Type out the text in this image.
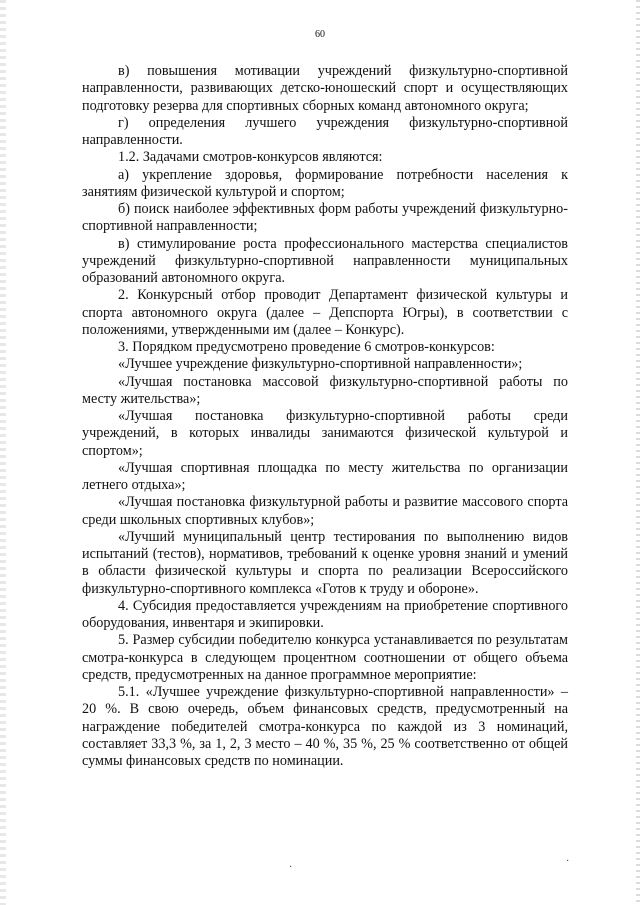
60

в) повышения мотивации учреждений физкультурно-спортивной направленности, развивающих детско-юношеский спорт и осуществляющих подготовку резерва для спортивных сборных команд автономного округа;

г) определения лучшего учреждения физкультурно-спортивной направленности.

1.2. Задачами смотров-конкурсов являются:

а) укрепление здоровья, формирование потребности населения к занятиям физической культурой и спортом;

б) поиск наиболее эффективных форм работы учреждений физкультурно-спортивной направленности;

в) стимулирование роста профессионального мастерства специалистов учреждений физкультурно-спортивной направленности муниципальных образований автономного округа.

2. Конкурсный отбор проводит Департамент физической культуры и спорта автономного округа (далее – Депспорта Югры), в соответствии с положениями, утвержденными им (далее – Конкурс).

3. Порядком предусмотрено проведение 6 смотров-конкурсов:

«Лучшее учреждение физкультурно-спортивной направленности»;

«Лучшая постановка массовой физкультурно-спортивной работы по месту жительства»;

«Лучшая постановка физкультурно-спортивной работы среди учреждений, в которых инвалиды занимаются физической культурой и спортом»;

«Лучшая спортивная площадка по месту жительства по организации летнего отдыха»;

«Лучшая постановка физкультурной работы и развитие массового спорта среди школьных спортивных клубов»;

«Лучший муниципальный центр тестирования по выполнению видов испытаний (тестов), нормативов, требований к оценке уровня знаний и умений в области физической культуры и спорта по реализации Всероссийского физкультурно-спортивного комплекса «Готов к труду и обороне».

4. Субсидия предоставляется учреждениям на приобретение спортивного оборудования, инвентаря и экипировки.

5. Размер субсидии победителю конкурса устанавливается по результатам смотра-конкурса в следующем процентном соотношении от общего объема средств, предусмотренных на данное программное мероприятие:

5.1. «Лучшее учреждение физкультурно-спортивной направленности» – 20 %. В свою очередь, объем финансовых средств, предусмотренный на награждение победителей смотра-конкурса по каждой из 3 номинаций, составляет 33,3 %, за 1, 2, 3 место – 40 %, 35 %, 25 % соответственно от общей суммы финансовых средств по номинации.

·
·
